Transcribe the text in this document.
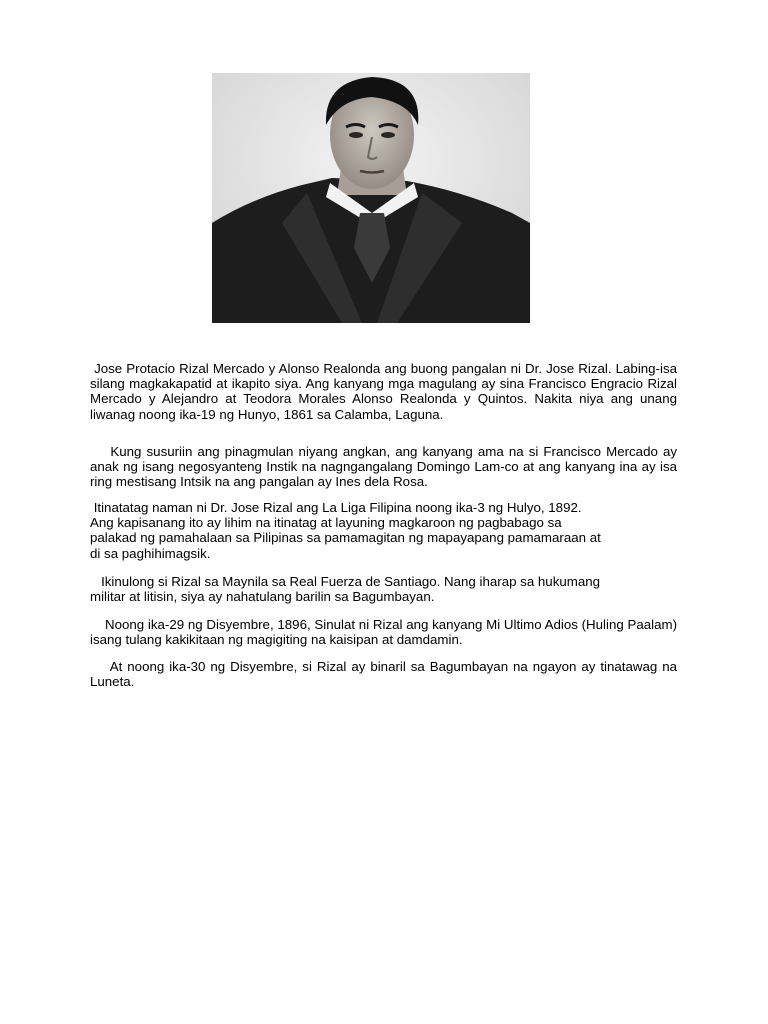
Jose Protacio Rizal Mercado y Alonso Realonda ang buong pangalan ni Dr. Jose Rizal. Labing-isa silang magkakapatid at ikapito siya. Ang kanyang mga magulang ay sina Francisco Engracio Rizal Mercado y Alejandro at Teodora Morales Alonso Realonda y Quintos. Nakita niya ang unang liwanag noong ika-19 ng Hunyo, 1861 sa Calamba, Laguna.

Kung susuriin ang pinagmulan niyang angkan, ang kanyang ama na si Francisco Mercado ay anak ng isang negosyanteng Instik na nagngangalang Domingo Lam-co at ang kanyang ina ay isa ring mestisang Intsik na ang pangalan ay Ines dela Rosa.

Itinatatag naman ni Dr. Jose Rizal ang La Liga Filipina noong ika-3 ng Hulyo, 1892.
Ang kapisanang ito ay lihim na itinatag at layuning magkaroon ng pagbabago sa
palakad ng pamahalaan sa Pilipinas sa pamamagitan ng mapayapang pamamaraan at
di sa paghihimagsik.

Ikinulong si Rizal sa Maynila sa Real Fuerza de Santiago. Nang iharap sa hukumang
militar at litisin, siya ay nahatulang barilin sa Bagumbayan.

Noong ika-29 ng Disyembre, 1896, Sinulat ni Rizal ang kanyang Mi Ultimo Adios (Huling Paalam) isang tulang kakikitaan ng magigiting na kaisipan at damdamin.

At noong ika-30 ng Disyembre, si Rizal ay binaril sa Bagumbayan na ngayon ay tinatawag na Luneta.
